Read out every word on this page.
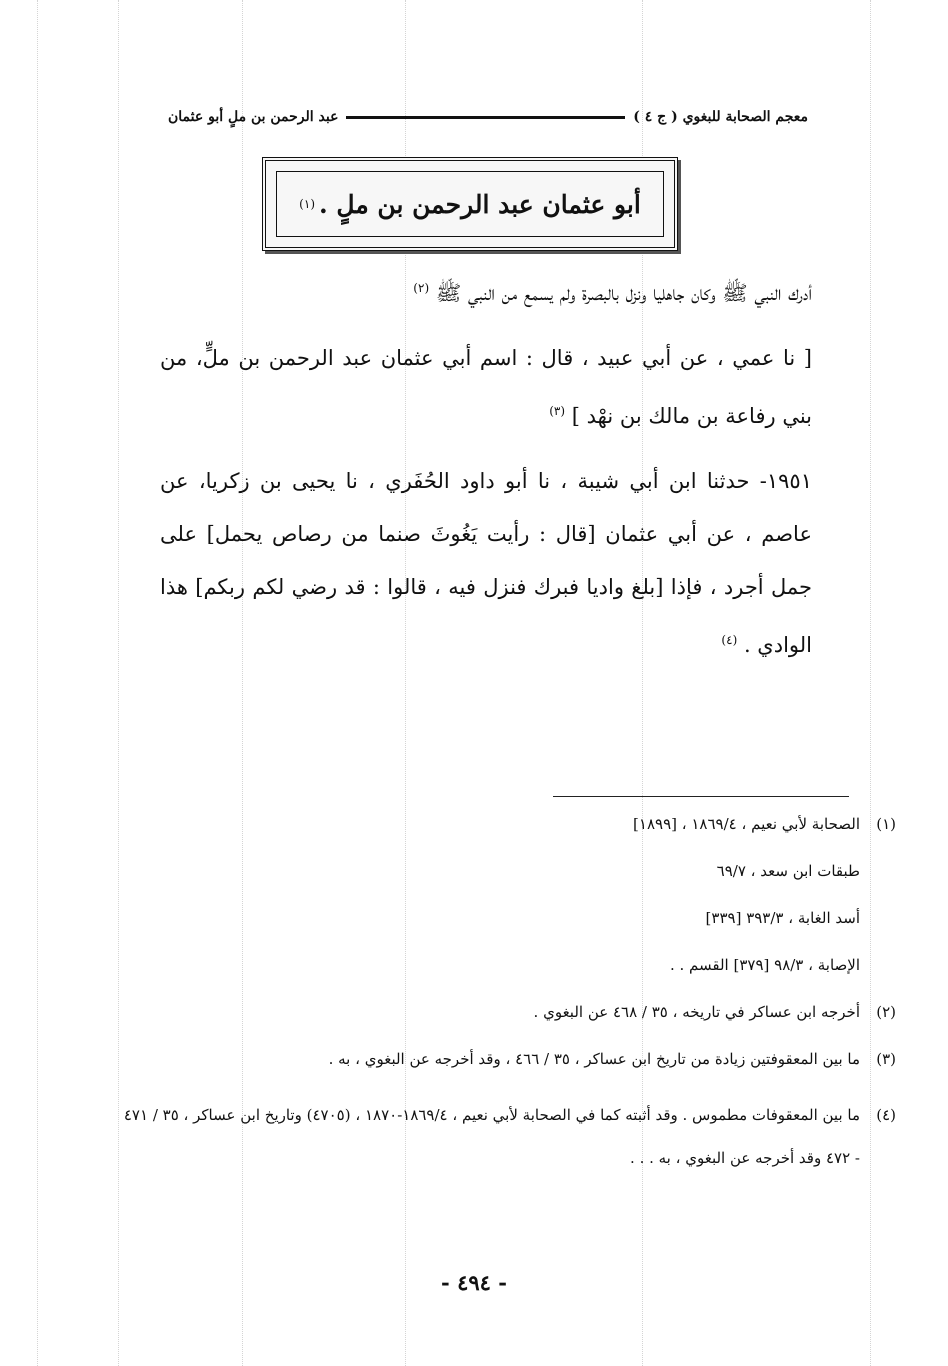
معجم الصحابة للبغوي ( ج ٤ )
عبد الرحمن بن ملٍ أبو عثمان
أبو عثمان عبد الرحمن بن ملٍ .
(١)

أدرك النبي ﷺ وكان جاهليا ونزل بالبصرة ولم يسمع من النبي ﷺ $^{(٢)}$

[ نا عمي ، عن أبي عبيد ، قال : اسم أبي عثمان عبد الرحمن بن ملٍّ، من بني رفاعة بن مالك بن نهْد ] $^{(٣)}$

١٩٥١- حدثنا ابن أبي شيبة ، نا أبو داود الحُفَري ، نا يحيى بن زكريا، عن عاصم ، عن أبي عثمان [قال : رأيت يَغُوثَ صنما من رصاص يحمل] على جمل أجرد ، فإذا [بلغ واديا فبرك فنزل فيه ، قالوا : قد رضي لكم ربكم] هذا الوادي . $^{(٤)}$

(١)
الصحابة لأبي نعيم ، ١٨٦٩/٤ ، [١٨٩٩]
طبقات ابن سعد ، ٦٩/٧
أسد الغابة ، ٣٩٣/٣ [٣٣٩]
الإصابة ، ٩٨/٣ [٣٧٩] القسم . .
(٢)
أخرجه ابن عساكر في تاريخه ، ٣٥ / ٤٦٨ عن البغوي .
(٣)
ما بين المعقوفتين زيادة من تاريخ ابن عساكر ، ٣٥ / ٤٦٦ ، وقد أخرجه عن البغوي ، به .
(٤)
ما بين المعقوفات مطموس . وقد أثبته كما في الصحابة لأبي نعيم ، ١٨٦٩/٤-١٨٧٠ ، (٤٧٠٥) وتاريخ ابن عساكر ، ٣٥ / ٤٧١ - ٤٧٢ وقد أخرجه عن البغوي ، به . . .
- ٤٩٤ -
